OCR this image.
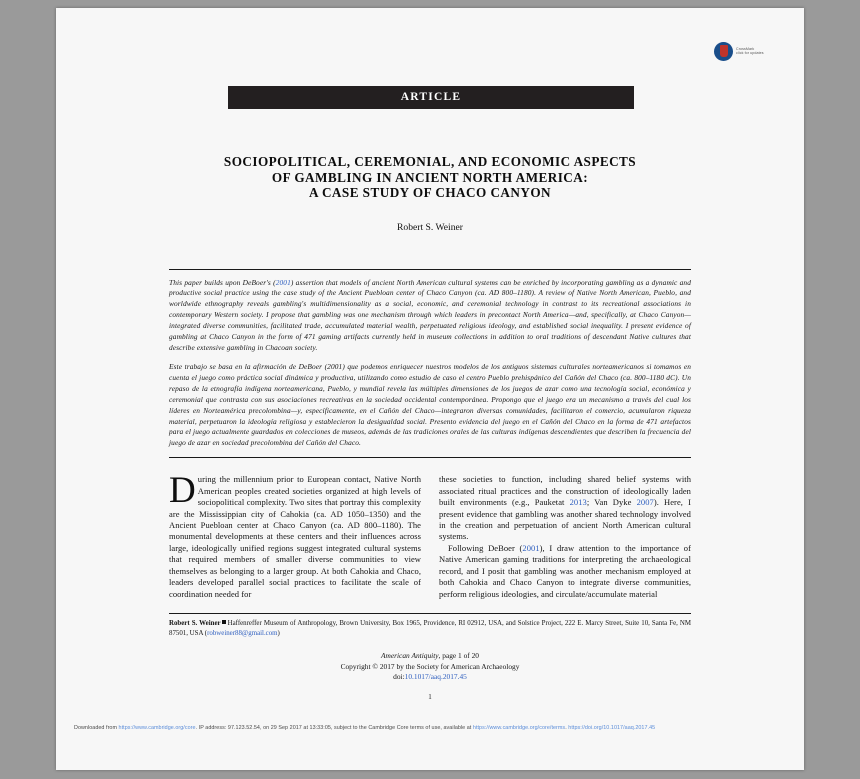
CrossMark
click for updates
ARTICLE
SOCIOPOLITICAL, CEREMONIAL, AND ECONOMIC ASPECTS
OF GAMBLING IN ANCIENT NORTH AMERICA:
A CASE STUDY OF CHACO CANYON
Robert S. Weiner
This paper builds upon DeBoer's (2001) assertion that models of ancient North American cultural systems can be enriched by incorporating gambling as a dynamic and productive social practice using the case study of the Ancient Puebloan center of Chaco Canyon (ca. AD 800–1180). A review of Native North American, Pueblo, and worldwide ethnography reveals gambling's multidimensionality as a social, economic, and ceremonial technology in contrast to its recreational associations in contemporary Western society. I propose that gambling was one mechanism through which leaders in precontact North America—and, specifically, at Chaco Canyon—integrated diverse communities, facilitated trade, accumulated material wealth, perpetuated religious ideology, and established social inequality. I present evidence of gambling at Chaco Canyon in the form of 471 gaming artifacts currently held in museum collections in addition to oral traditions of descendant Native cultures that describe extensive gambling in Chacoan society.
Este trabajo se basa en la afirmación de DeBoer (2001) que podemos enriquecer nuestros modelos de los antiguos sistemas culturales norteamericanos si tomamos en cuenta el juego como práctica social dinámica y productiva, utilizando como estudio de caso el centro Pueblo prehispánico del Cañón del Chaco (ca. 800–1180 dC). Un repaso de la etnografía indígena norteamericana, Pueblo, y mundial revela las múltiples dimensiones de los juegos de azar como una tecnología social, económica y ceremonial que contrasta con sus asociaciones recreativas en la sociedad occidental contemporánea. Propongo que el juego era un mecanismo a través del cual los líderes en Norteamérica precolombina—y, específicamente, en el Cañón del Chaco—integraron diversas comunidades, facilitaron el comercio, acumularon riqueza material, perpetuaron la ideología religiosa y establecieron la desigualdad social. Presento evidencia del juego en el Cañón del Chaco en la forma de 471 artefactos para el juego actualmente guardados en colecciones de museos, además de las tradiciones orales de las culturas indígenas descendientes que describen la frecuencia del juego de azar en sociedad precolombina del Cañón del Chaco.

During the millennium prior to European contact, Native North American peoples created societies organized at high levels of sociopolitical complexity. Two sites that portray this complexity are the Mississippian city of Cahokia (ca. AD 1050–1350) and the Ancient Puebloan center at Chaco Canyon (ca. AD 800–1180). The monumental developments at these centers and their influences across large, ideologically unified regions suggest integrated cultural systems that required members of smaller diverse communities to view themselves as belonging to a larger group. At both Cahokia and Chaco, leaders developed parallel social practices to facilitate the scale of coordination needed for

these societies to function, including shared belief systems with associated ritual practices and the construction of ideologically laden built environments (e.g., Pauketat 2013; Van Dyke 2007). Here, I present evidence that gambling was another shared technology involved in the creation and perpetuation of ancient North American cultural systems.

Following DeBoer (2001), I draw attention to the importance of Native American gaming traditions for interpreting the archaeological record, and I posit that gambling was another mechanism employed at both Cahokia and Chaco Canyon to integrate diverse communities, perform religious ideologies, and circulate/accumulate material

Robert S. Weiner Haffenreffer Museum of Anthropology, Brown University, Box 1965, Providence, RI 02912, USA, and Solstice Project, 222 E. Marcy Street, Suite 10, Santa Fe, NM 87501, USA (robweiner88@gmail.com)
American Antiquity, page 1 of 20
Copyright © 2017 by the Society for American Archaeology
doi:10.1017/aaq.2017.45
1
Downloaded from https://www.cambridge.org/core. IP address: 97.123.52.54, on 29 Sep 2017 at 13:33:05, subject to the Cambridge Core terms of use, available at https://www.cambridge.org/core/terms. https://doi.org/10.1017/aaq.2017.45
